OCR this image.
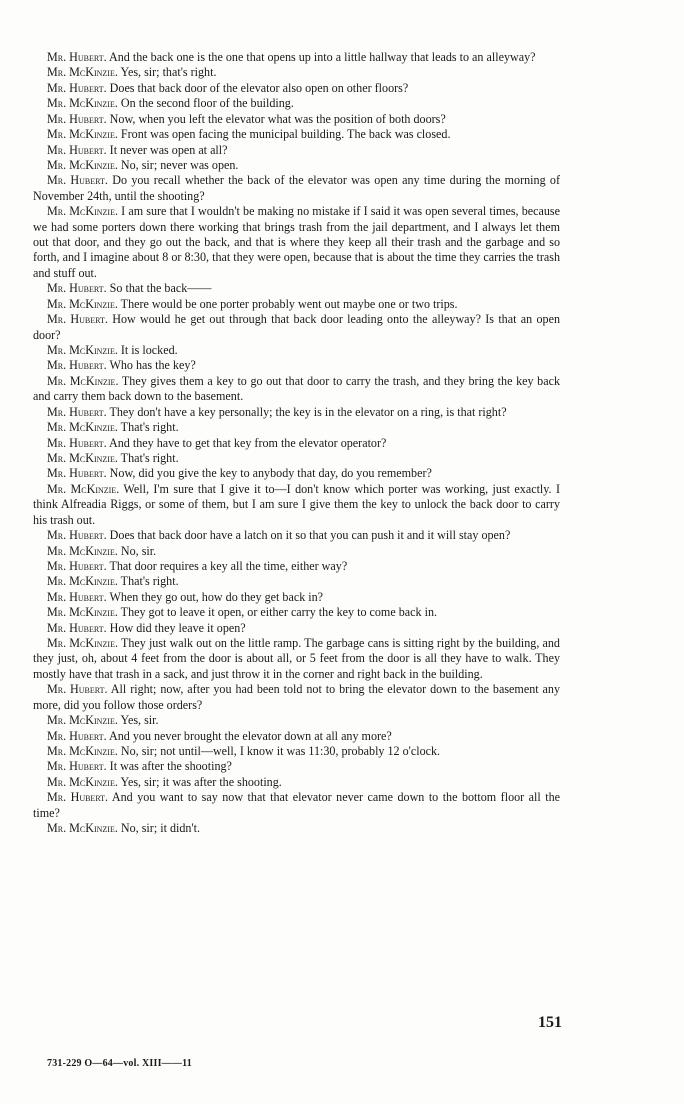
Mr. Hubert. And the back one is the one that opens up into a little hallway that leads to an alleyway?

Mr. McKinzie. Yes, sir; that's right.

Mr. Hubert. Does that back door of the elevator also open on other floors?

Mr. McKinzie. On the second floor of the building.

Mr. Hubert. Now, when you left the elevator what was the position of both doors?

Mr. McKinzie. Front was open facing the municipal building. The back was closed.

Mr. Hubert. It never was open at all?

Mr. McKinzie. No, sir; never was open.

Mr. Hubert. Do you recall whether the back of the elevator was open any time during the morning of November 24th, until the shooting?

Mr. McKinzie. I am sure that I wouldn't be making no mistake if I said it was open several times, because we had some porters down there working that brings trash from the jail department, and I always let them out that door, and they go out the back, and that is where they keep all their trash and the garbage and so forth, and I imagine about 8 or 8:30, that they were open, because that is about the time they carries the trash and stuff out.

Mr. Hubert. So that the back——

Mr. McKinzie. There would be one porter probably went out maybe one or two trips.

Mr. Hubert. How would he get out through that back door leading onto the alleyway? Is that an open door?

Mr. McKinzie. It is locked.

Mr. Hubert. Who has the key?

Mr. McKinzie. They gives them a key to go out that door to carry the trash, and they bring the key back and carry them back down to the basement.

Mr. Hubert. They don't have a key personally; the key is in the elevator on a ring, is that right?

Mr. McKinzie. That's right.

Mr. Hubert. And they have to get that key from the elevator operator?

Mr. McKinzie. That's right.

Mr. Hubert. Now, did you give the key to anybody that day, do you remember?

Mr. McKinzie. Well, I'm sure that I give it to—I don't know which porter was working, just exactly. I think Alfreadia Riggs, or some of them, but I am sure I give them the key to unlock the back door to carry his trash out.

Mr. Hubert. Does that back door have a latch on it so that you can push it and it will stay open?

Mr. McKinzie. No, sir.

Mr. Hubert. That door requires a key all the time, either way?

Mr. McKinzie. That's right.

Mr. Hubert. When they go out, how do they get back in?

Mr. McKinzie. They got to leave it open, or either carry the key to come back in.

Mr. Hubert. How did they leave it open?

Mr. McKinzie. They just walk out on the little ramp. The garbage cans is sitting right by the building, and they just, oh, about 4 feet from the door is about all, or 5 feet from the door is all they have to walk. They mostly have that trash in a sack, and just throw it in the corner and right back in the building.

Mr. Hubert. All right; now, after you had been told not to bring the elevator down to the basement any more, did you follow those orders?

Mr. McKinzie. Yes, sir.

Mr. Hubert. And you never brought the elevator down at all any more?

Mr. McKinzie. No, sir; not until—well, I know it was 11:30, probably 12 o'clock.

Mr. Hubert. It was after the shooting?

Mr. McKinzie. Yes, sir; it was after the shooting.

Mr. Hubert. And you want to say now that that elevator never came down to the bottom floor all the time?

Mr. McKinzie. No, sir; it didn't.

151
731-229 O—64—vol. XIII——11
